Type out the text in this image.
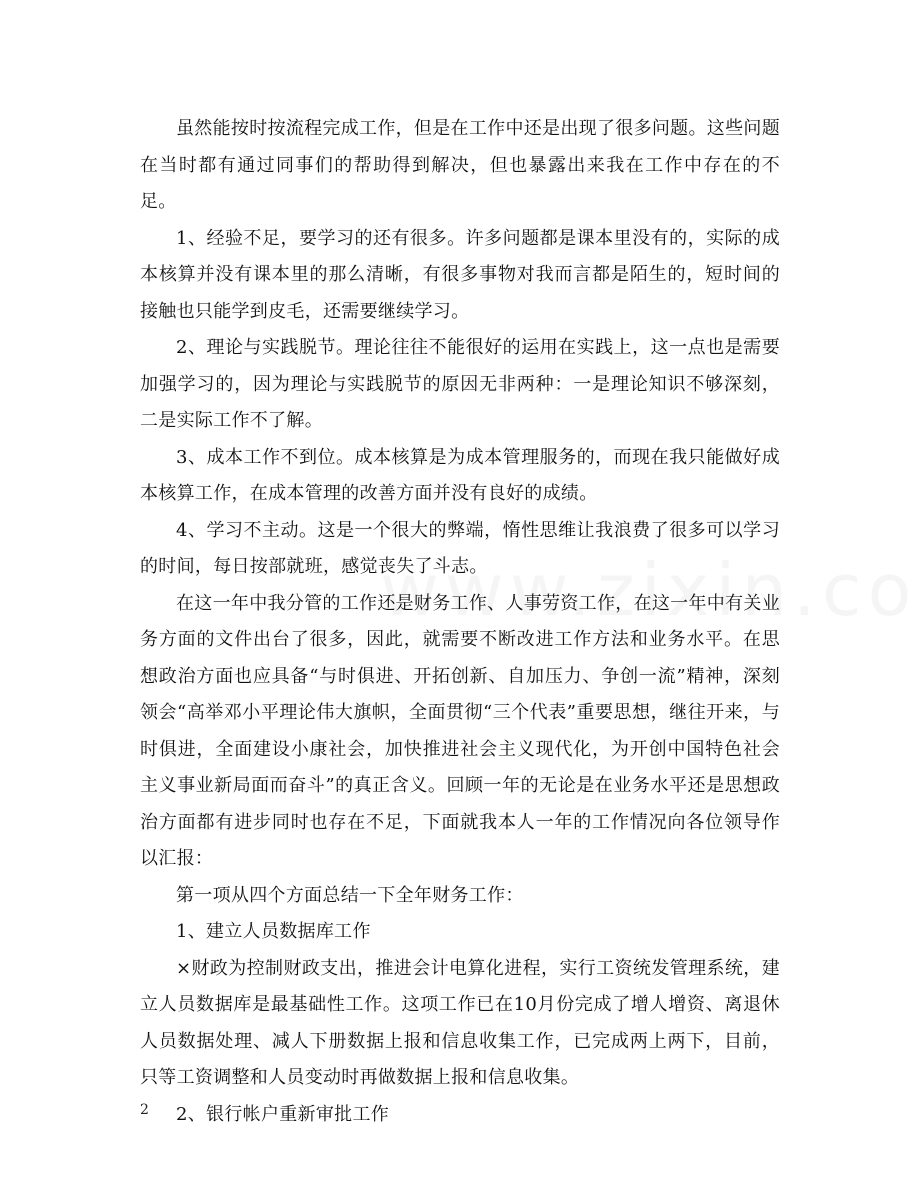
虽然能按时按流程完成工作，但是在工作中还是出现了很多问题。这些问题在当时都有通过同事们的帮助得到解决，但也暴露出来我在工作中存在的不足。

1、经验不足，要学习的还有很多。许多问题都是课本里没有的，实际的成本核算并没有课本里的那么清晰，有很多事物对我而言都是陌生的，短时间的接触也只能学到皮毛，还需要继续学习。

2、理论与实践脱节。理论往往不能很好的运用在实践上，这一点也是需要加强学习的，因为理论与实践脱节的原因无非两种：一是理论知识不够深刻，二是实际工作不了解。

3、成本工作不到位。成本核算是为成本管理服务的，而现在我只能做好成本核算工作，在成本管理的改善方面并没有良好的成绩。

4、学习不主动。这是一个很大的弊端，惰性思维让我浪费了很多可以学习的时间，每日按部就班，感觉丧失了斗志。

在这一年中我分管的工作还是财务工作、人事劳资工作，在这一年中有关业务方面的文件出台了很多，因此，就需要不断改进工作方法和业务水平。在思想政治方面也应具备“与时俱进、开拓创新、自加压力、争创一流”精神，深刻领会“高举邓小平理论伟大旗帜，全面贯彻“三个代表”重要思想，继往开来，与时俱进，全面建设小康社会，加快推进社会主义现代化，为开创中国特色社会主义事业新局面而奋斗”的真正含义。回顾一年的无论是在业务水平还是思想政治方面都有进步同时也存在不足，下面就我本人一年的工作情况向各位领导作以汇报：

第一项从四个方面总结一下全年财务工作：

1、建立人员数据库工作

×财政为控制财政支出，推进会计电算化进程，实行工资统发管理系统，建立人员数据库是最基础性工作。这项工作已在10月份完成了增人增资、离退休人员数据处理、减人下册数据上报和信息收集工作，已完成两上两下，目前，只等工资调整和人员变动时再做数据上报和信息收集。

2、银行帐户重新审批工作

2
